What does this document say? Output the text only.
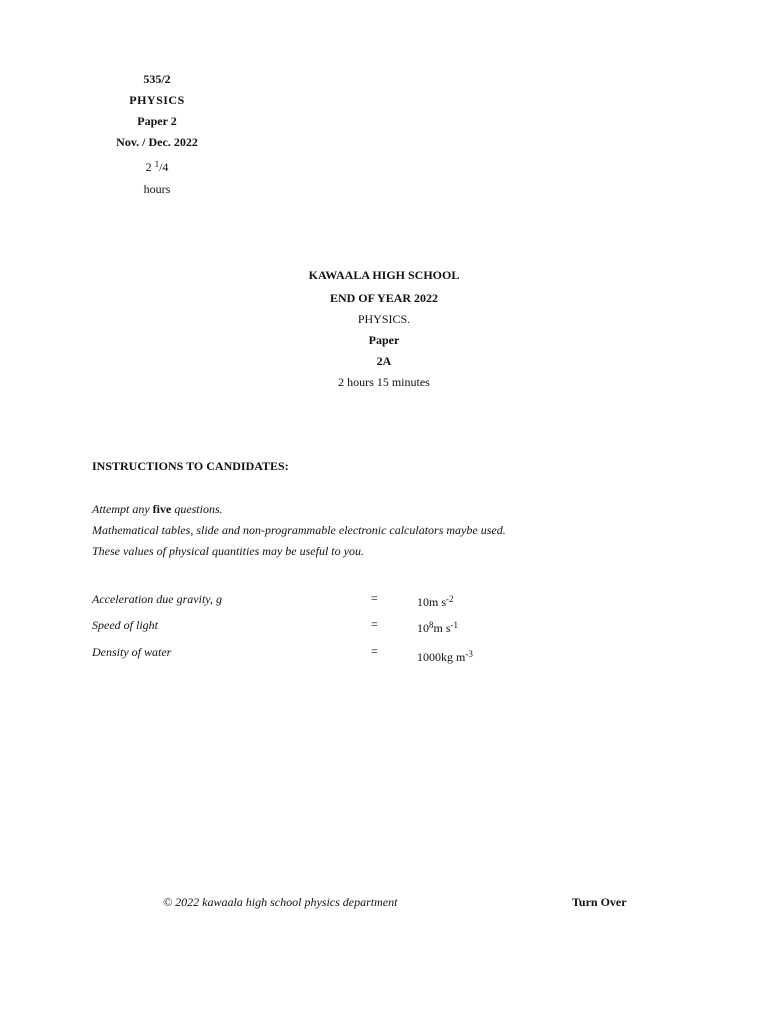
535/2
PHYSICS
Paper 2
Nov. / Dec. 2022
2 $^1$/4
hours
KAWAALA HIGH SCHOOL
END OF YEAR 2022
PHYSICS.
Paper
2A
2 hours 15 minutes
INSTRUCTIONS TO CANDIDATES:
Attempt any five questions.
Mathematical tables, slide and non-programmable electronic calculators maybe used.
These values of physical quantities may be useful to you.
Acceleration due gravity, g	=	10m $s^{-2}$
Speed of light	=	$10^8m$ $s^{-1}$
Density of water	=	1000kg $m^{-3}$
© 2022 kawaala high school physics department	Turn Over
